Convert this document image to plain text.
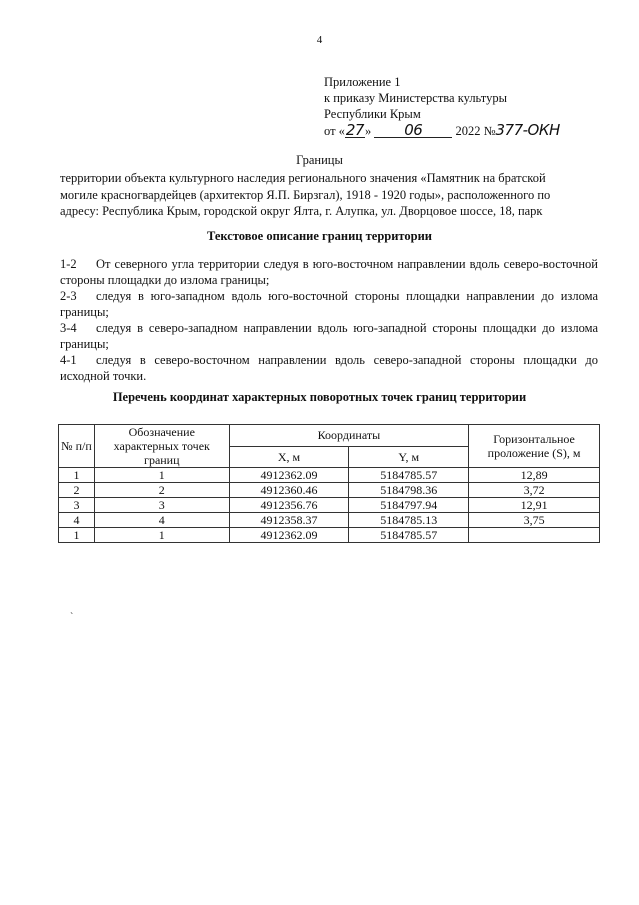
4
Приложение 1
к приказу Министерства культуры
Республики Крым
от «27» 06	2022 №377-ОКН
Границы
территории объекта культурного наследия регионального значения «Памятник на братской могиле красногвардейцев (архитектор Я.П. Бирзгал), 1918 - 1920 годы», расположенного по адресу: Республика Крым, городской округ Ялта, г. Алупка, ул. Дворцовое шоссе, 18, парк
Текстовое описание границ территории
1-2 От северного угла территории следуя в юго-восточном направлении вдоль северо-восточной стороны площадки до излома границы;
2-3 следуя в юго-западном вдоль юго-восточной стороны площадки направлении до излома границы;
3-4 следуя в северо-западном направлении вдоль юго-западной стороны площадки до излома границы;
4-1 следуя в северо-восточном направлении вдоль северо-западной стороны площадки до исходной точки.
Перечень координат характерных поворотных точек границ территории
№ п/п	Обозначение характерных точек границ	Координаты		Горизонтальное проложение (S), м
		X, м	Y, м	
1	1	4912362.09	5184785.57	12,89
2	2	4912360.46	5184798.36	3,72
3	3	4912356.76	5184797.94	12,91
4	4	4912358.37	5184785.13	3,75
1	1	4912362.09	5184785.57	
`
